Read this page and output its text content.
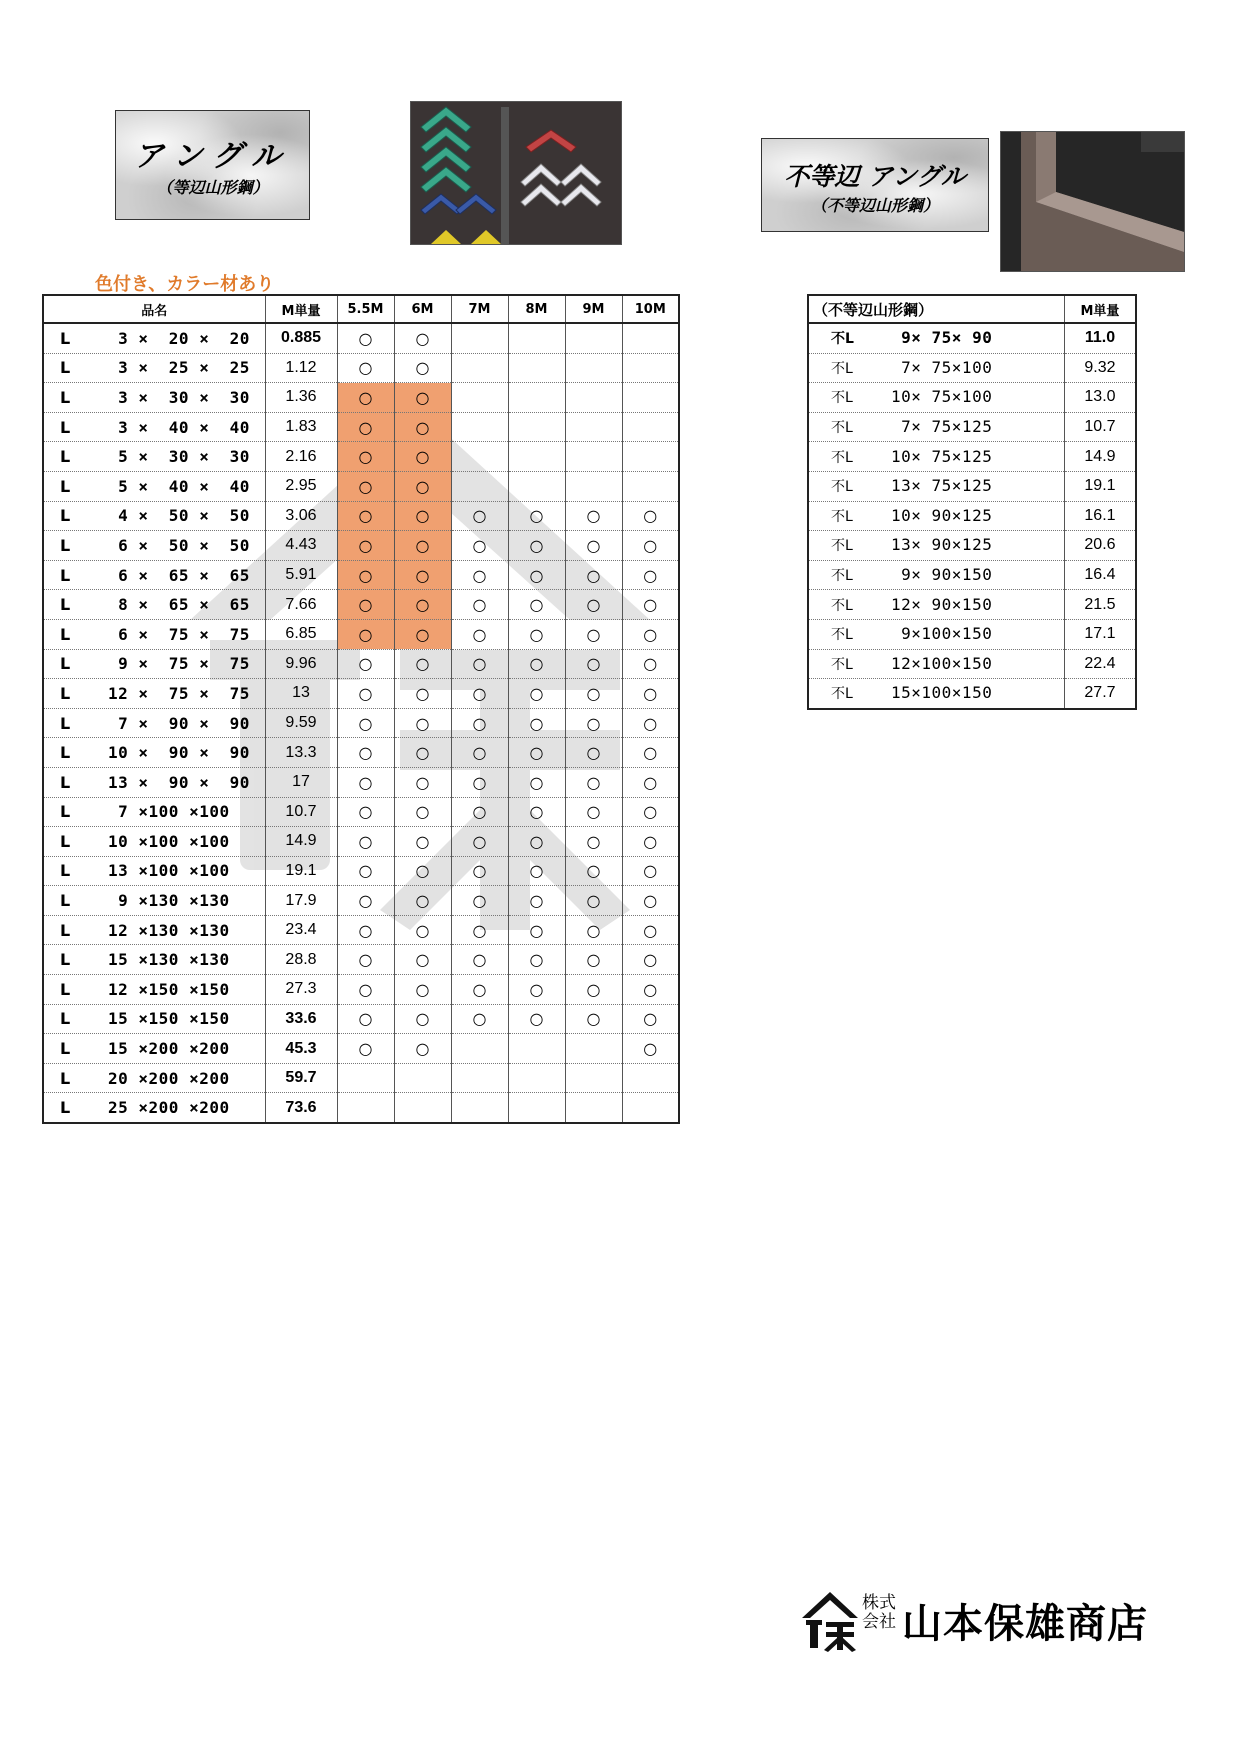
アングル
（等辺山形鋼）	不等辺 アングル
（不等辺山形鋼）
色付き、カラー材あり
品名	M単量	5.5M	6M	7M	8M	9M	10M
L 3 ×  20 ×  20	0.885	○	○				
L 3 ×  25 ×  25	1.12	○	○				
L 3 ×  30 ×  30	1.36	○	○				
L 3 ×  40 ×  40	1.83	○	○				
L 5 ×  30 ×  30	2.16	○	○				
L 5 ×  40 ×  40	2.95	○	○				
L 4 ×  50 ×  50	3.06	○	○	○	○	○	○
L 6 ×  50 ×  50	4.43	○	○	○	○	○	○
L 6 ×  65 ×  65	5.91	○	○	○	○	○	○
L 8 ×  65 ×  65	7.66	○	○	○	○	○	○
L 6 ×  75 ×  75	6.85	○	○	○	○	○	○
L 9 ×  75 ×  75	9.96	○	○	○	○	○	○
L 12 ×  75 ×  75	13	○	○	○	○	○	○
L 7 ×  90 ×  90	9.59	○	○	○	○	○	○
L 10 ×  90 ×  90	13.3	○	○	○	○	○	○
L 13 ×  90 ×  90	17	○	○	○	○	○	○
L 7 ×100 ×100	10.7	○	○	○	○	○	○
L 10 ×100 ×100	14.9	○	○	○	○	○	○
L 13 ×100 ×100	19.1	○	○	○	○	○	○
L 9 ×130 ×130	17.9	○	○	○	○	○	○
L 12 ×130 ×130	23.4	○	○	○	○	○	○
L 15 ×130 ×130	28.8	○	○	○	○	○	○
L 12 ×150 ×150	27.3	○	○	○	○	○	○
L 15 ×150 ×150	33.6	○	○	○	○	○	○
L 15 ×200 ×200	45.3	○	○				○
L 20 ×200 ×200	59.7						
L 25 ×200 ×200	73.6						
（不等辺山形鋼）	M単量
不L 9× 75× 90	11.0
不L 7× 75×100	9.32
不L 10× 75×100	13.0
不L 7× 75×125	10.7
不L 10× 75×125	14.9
不L 13× 75×125	19.1
不L 10× 90×125	16.1
不L 13× 90×125	20.6
不L 9× 90×150	16.4
不L 12× 90×150	21.5
不L 9×100×150	17.1
不L 12×100×150	22.4
不L 15×100×150	27.7
株式
会社 山本保雄商店
